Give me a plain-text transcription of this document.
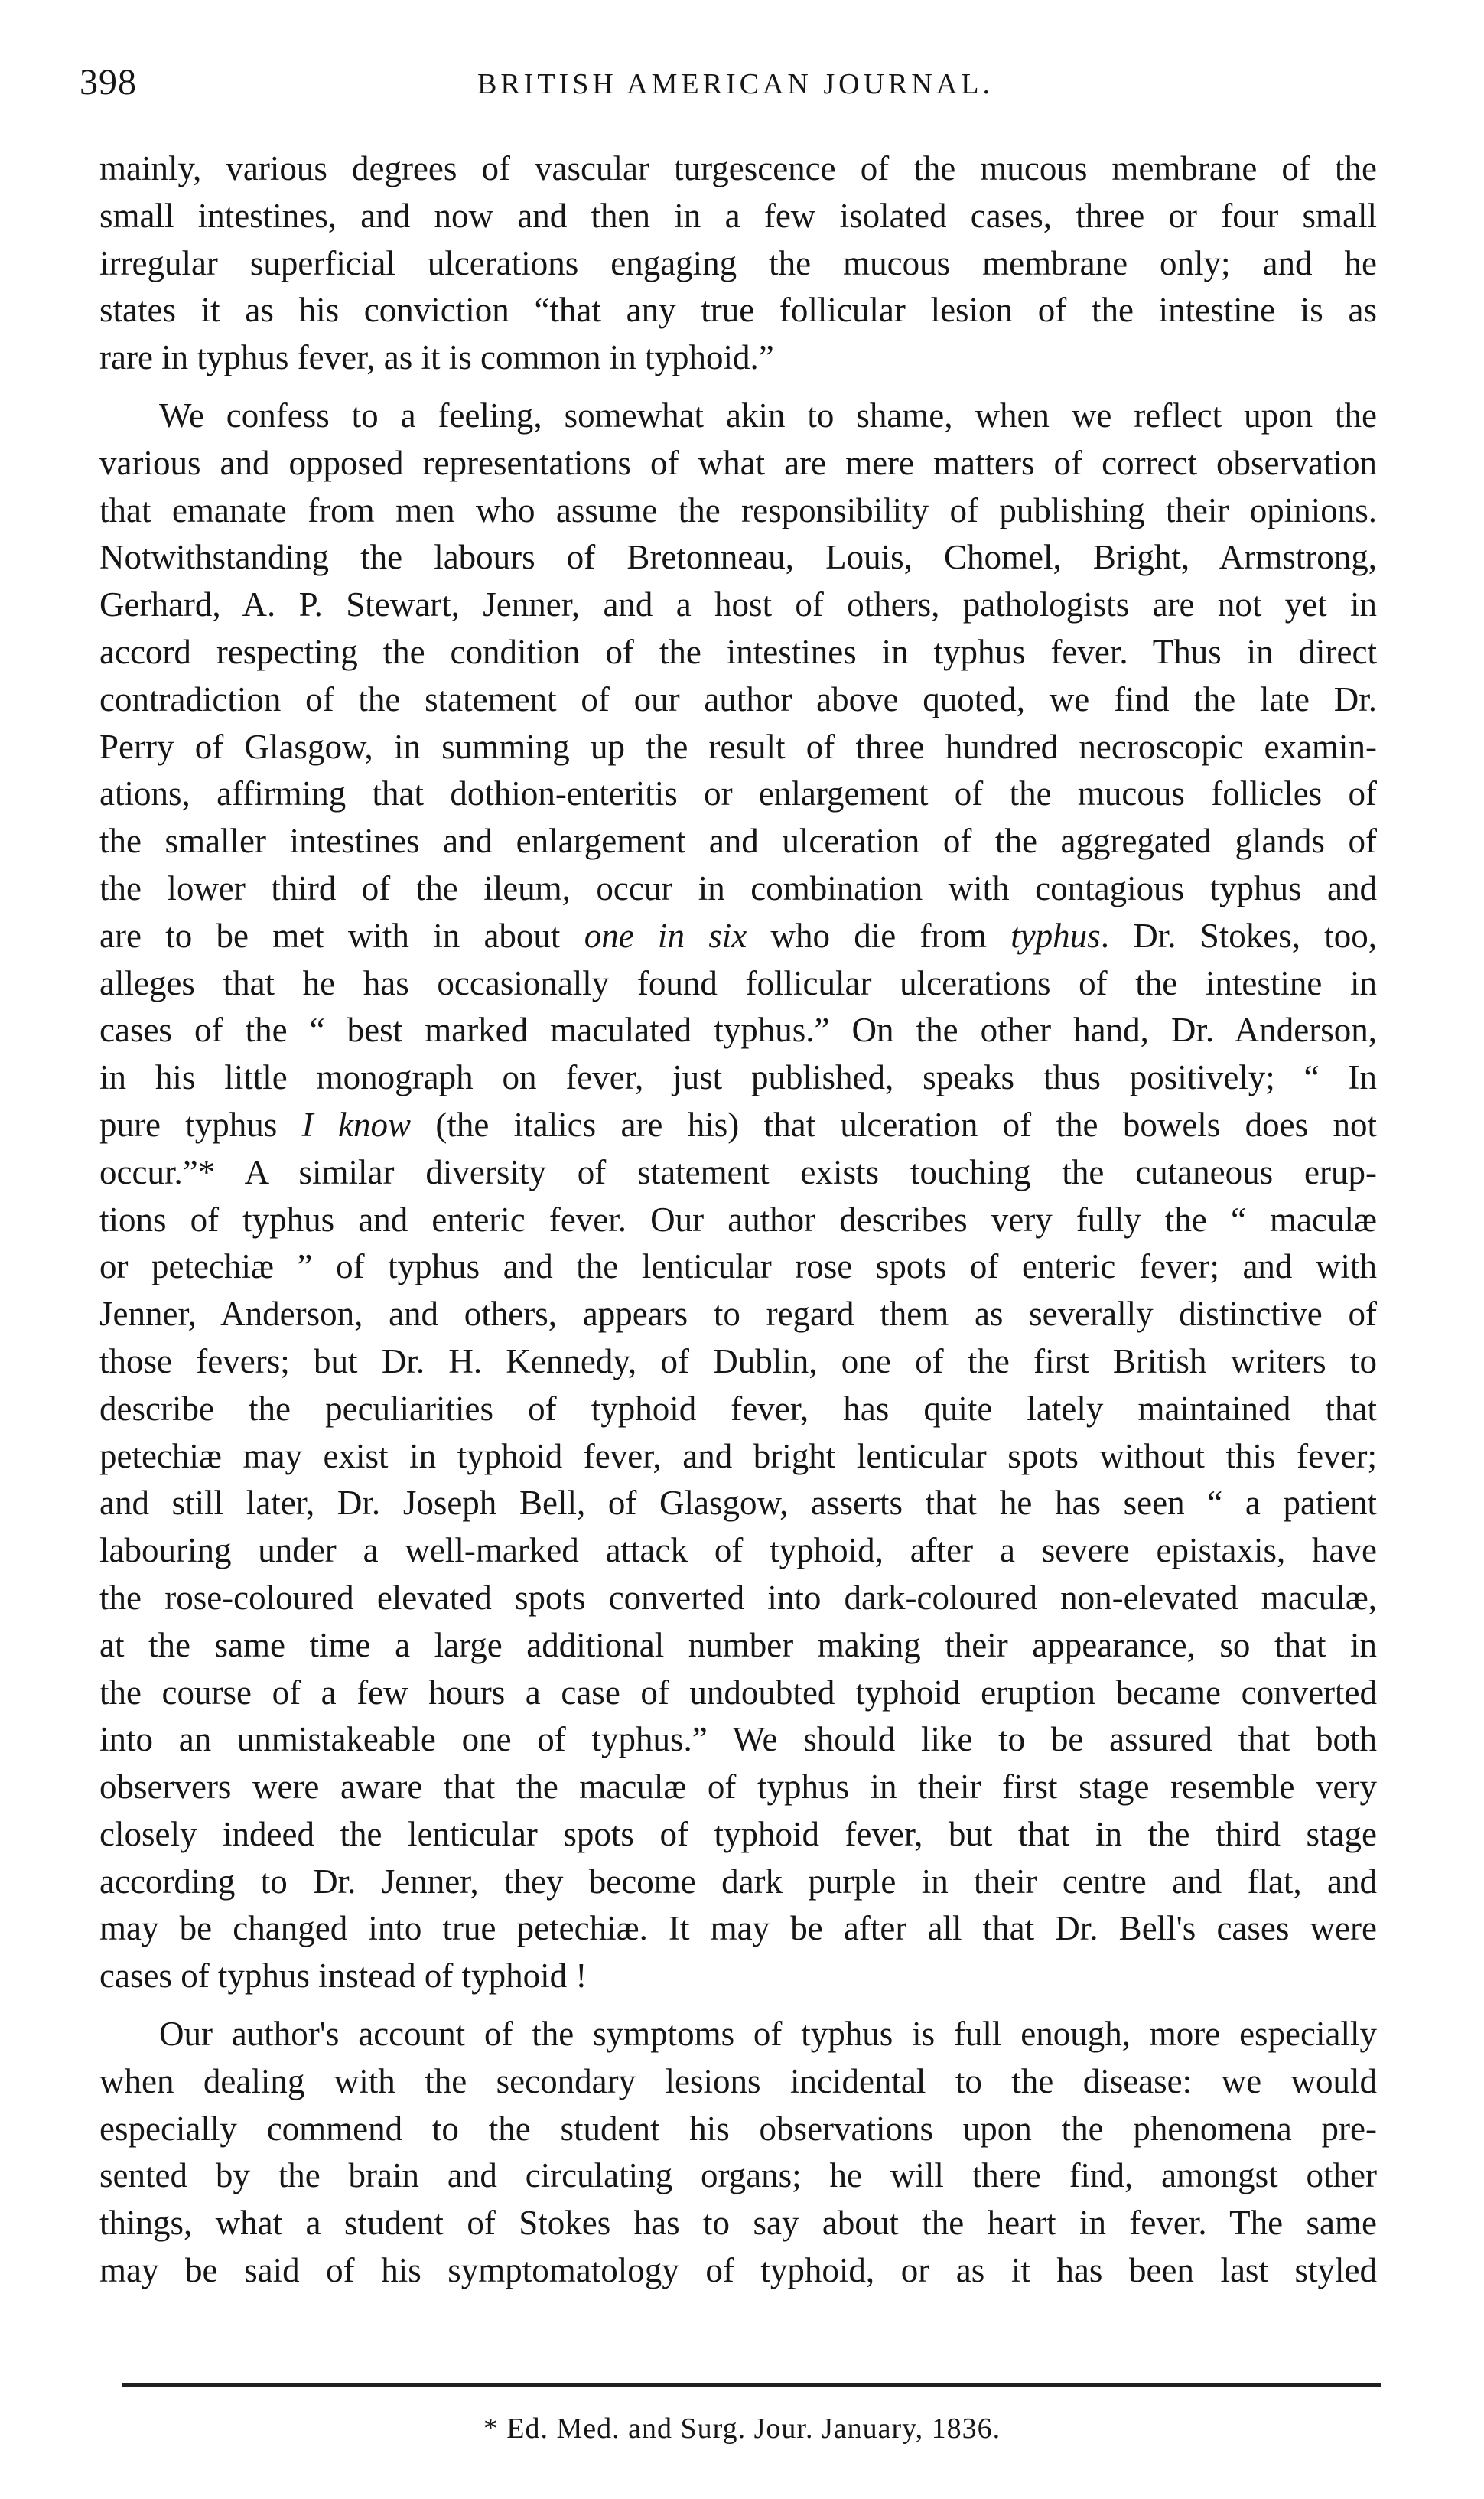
398	BRITISH AMERICAN JOURNAL.
mainly, various degrees of vascular turgescence of the mucous membrane of the
small intestines, and now and then in a few isolated cases, three or four small
irregular superficial ulcerations engaging the mucous membrane only; and he
states it as his conviction “that any true follicular lesion of the intestine is as
rare in typhus fever, as it is common in typhoid.”
We confess to a feeling, somewhat akin to shame, when we reflect upon the
various and opposed representations of what are mere matters of correct observation
that emanate from men who assume the responsibility of publishing their opinions.
Notwithstanding the labours of Bretonneau, Louis, Chomel, Bright, Armstrong,
Gerhard, A. P. Stewart, Jenner, and a host of others, pathologists are not yet in
accord respecting the condition of the intestines in typhus fever. Thus in direct
contradiction of the statement of our author above quoted, we find the late Dr.
Perry of Glasgow, in summing up the result of three hundred necroscopic examin-
ations, affirming that dothion-enteritis or enlargement of the mucous follicles of
the smaller intestines and enlargement and ulceration of the aggregated glands of
the lower third of the ileum, occur in combination with contagious typhus and
are to be met with in about one in six who die from typhus. Dr. Stokes, too,
alleges that he has occasionally found follicular ulcerations of the intestine in
cases of the “ best marked maculated typhus.” On the other hand, Dr. Anderson,
in his little monograph on fever, just published, speaks thus positively; “ In
pure typhus I know (the italics are his) that ulceration of the bowels does not
occur.”* A similar diversity of statement exists touching the cutaneous erup-
tions of typhus and enteric fever. Our author describes very fully the “ maculæ
or petechiæ ” of typhus and the lenticular rose spots of enteric fever; and with
Jenner, Anderson, and others, appears to regard them as severally distinctive of
those fevers; but Dr. H. Kennedy, of Dublin, one of the first British writers to
describe the peculiarities of typhoid fever, has quite lately maintained that
petechiæ may exist in typhoid fever, and bright lenticular spots without this fever;
and still later, Dr. Joseph Bell, of Glasgow, asserts that he has seen “ a patient
labouring under a well-marked attack of typhoid, after a severe epistaxis, have
the rose-coloured elevated spots converted into dark-coloured non-elevated maculæ,
at the same time a large additional number making their appearance, so that in
the course of a few hours a case of undoubted typhoid eruption became converted
into an unmistakeable one of typhus.” We should like to be assured that both
observers were aware that the maculæ of typhus in their first stage resemble very
closely indeed the lenticular spots of typhoid fever, but that in the third stage
according to Dr. Jenner, they become dark purple in their centre and flat, and
may be changed into true petechiæ. It may be after all that Dr. Bell's cases were
cases of typhus instead of typhoid !
Our author's account of the symptoms of typhus is full enough, more especially
when dealing with the secondary lesions incidental to the disease: we would
especially commend to the student his observations upon the phenomena pre-
sented by the brain and circulating organs; he will there find, amongst other
things, what a student of Stokes has to say about the heart in fever. The same
may be said of his symptomatology of typhoid, or as it has been last styled
* Ed. Med. and Surg. Jour. January, 1836.
